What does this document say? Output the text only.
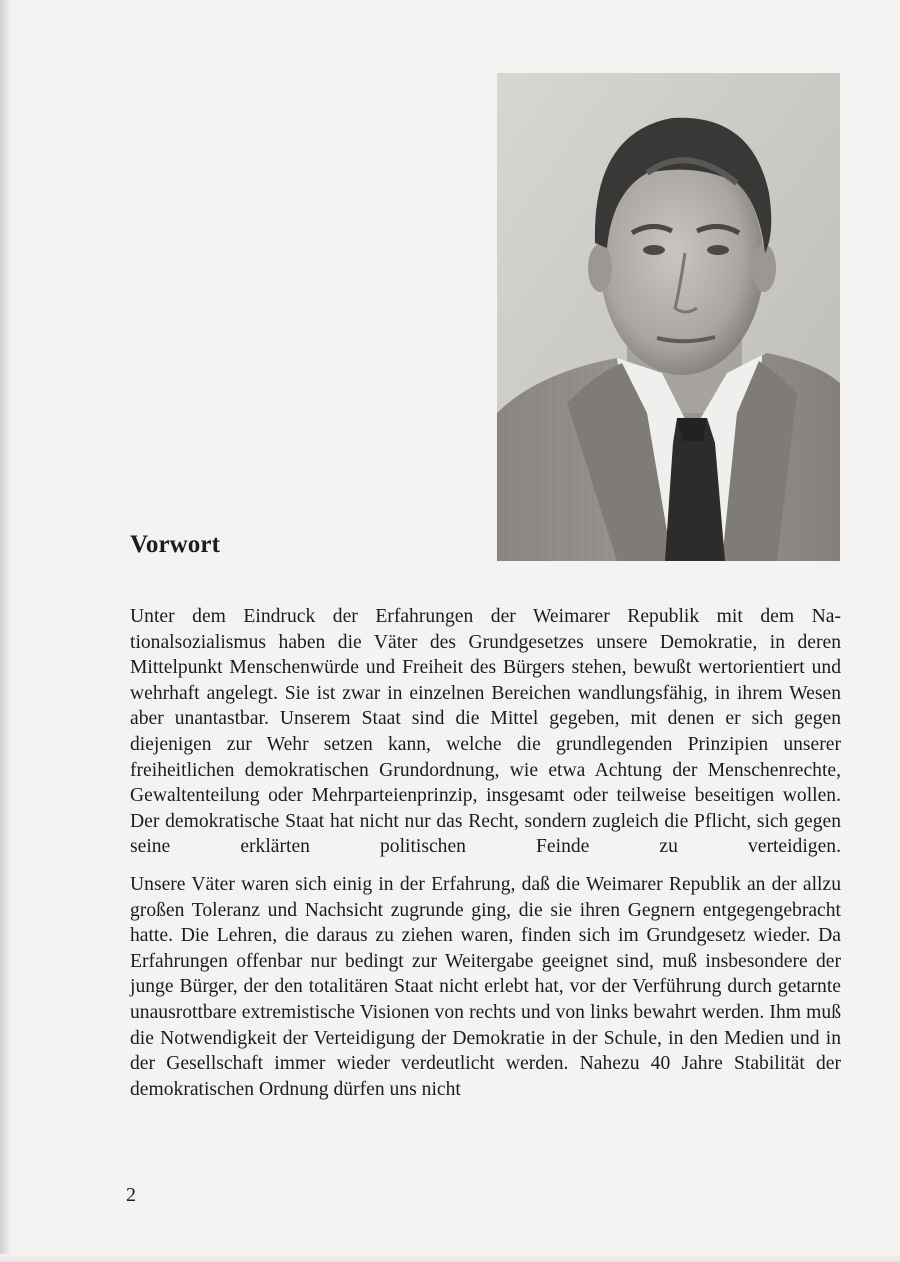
Vorwort

Unter dem Eindruck der Erfahrungen der Weimarer Republik mit dem Nationalsozialismus haben die Väter des Grundgesetzes unsere Demokratie, in deren Mittelpunkt Menschenwürde und Freiheit des Bürgers stehen, bewußt wertorientiert und wehrhaft angelegt. Sie ist zwar in einzelnen Bereichen wandlungsfähig, in ihrem Wesen aber unantastbar. Unserem Staat sind die Mittel gegeben, mit denen er sich gegen diejenigen zur Wehr setzen kann, welche die grundlegenden Prinzipien unserer freiheitlichen demokratischen Grundordnung, wie etwa Achtung der Menschenrechte, Gewaltenteilung oder Mehrparteienprinzip, insgesamt oder teilweise beseitigen wollen. Der demokratische Staat hat nicht nur das Recht, sondern zugleich die Pflicht, sich gegen seine erklärten politischen Feinde zu verteidigen.

Unsere Väter waren sich einig in der Erfahrung, daß die Weimarer Republik an der allzu großen Toleranz und Nachsicht zugrunde ging, die sie ihren Gegnern entgegengebracht hatte. Die Lehren, die daraus zu ziehen waren, finden sich im Grundgesetz wieder. Da Erfahrungen offenbar nur bedingt zur Weitergabe geeignet sind, muß insbesondere der junge Bürger, der den totalitären Staat nicht erlebt hat, vor der Verführung durch getarnte unausrottbare extremistische Visionen von rechts und von links bewahrt werden. Ihm muß die Notwendigkeit der Verteidigung der Demokratie in der Schule, in den Medien und in der Gesellschaft immer wieder verdeutlicht werden. Nahezu 40 Jahre Stabilität der demokratischen Ordnung dürfen uns nicht

2
